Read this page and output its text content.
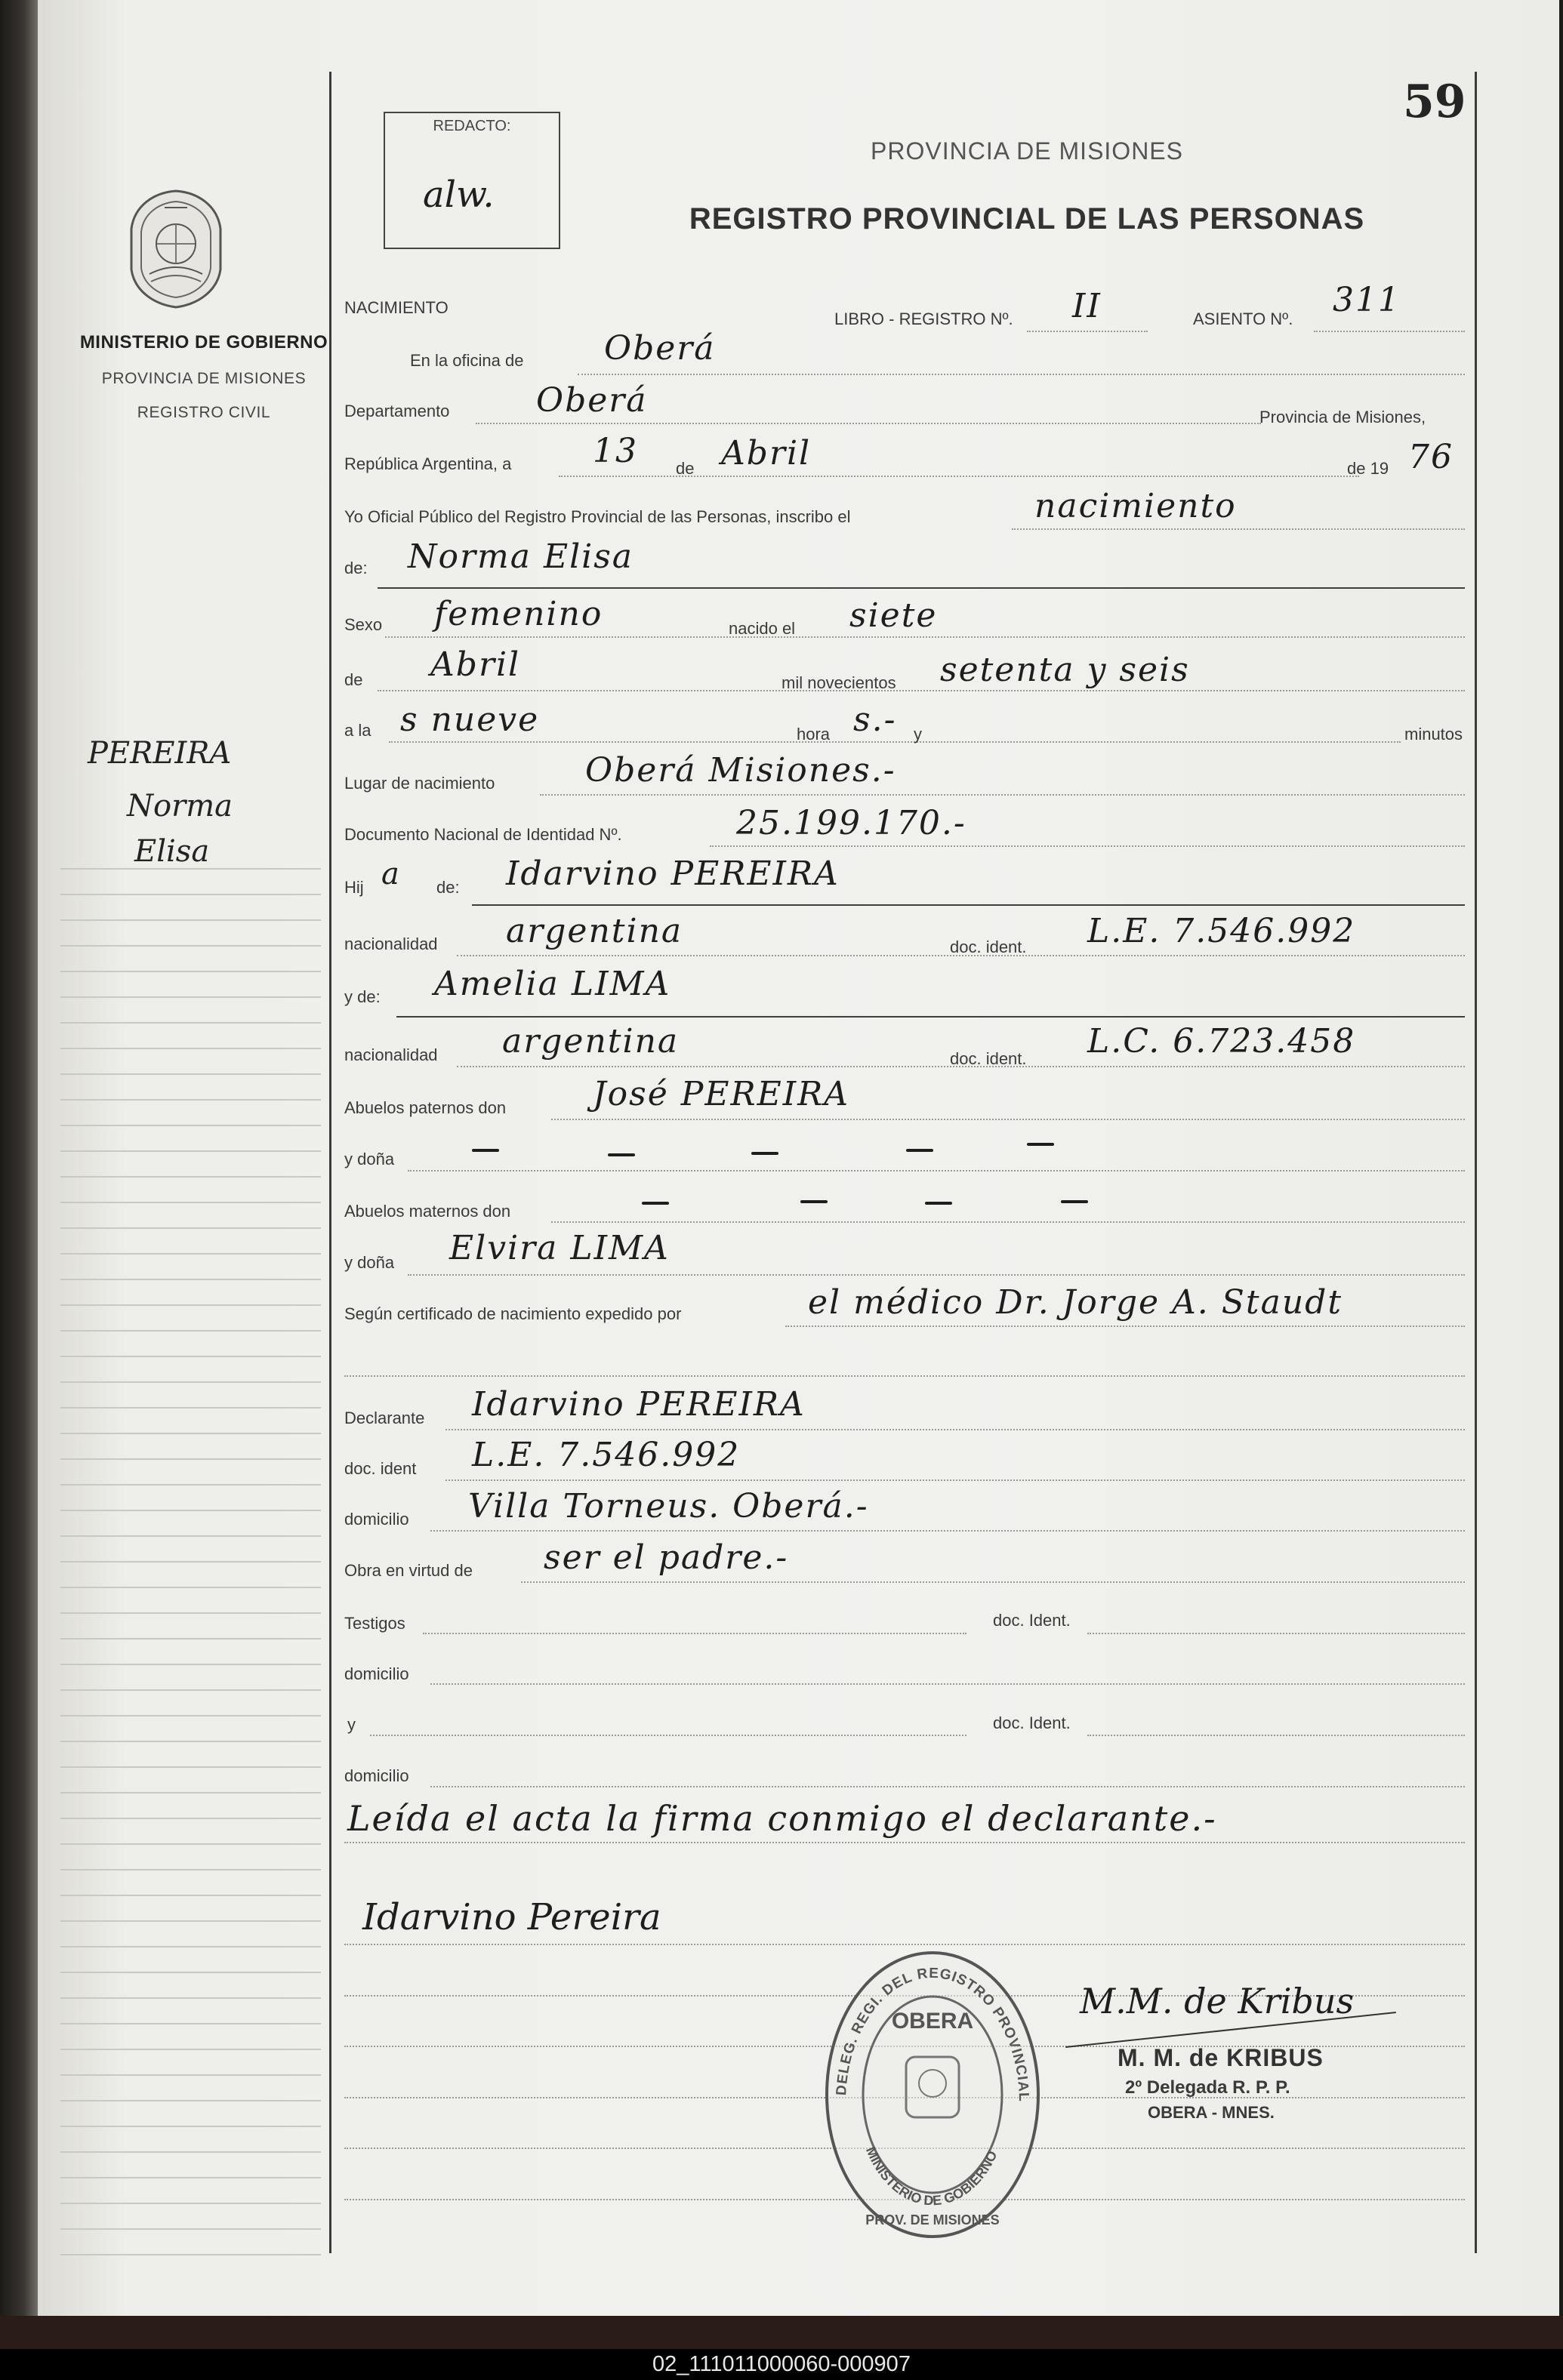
MINISTERIO DE GOBIERNO
PROVINCIA DE MISIONES
REGISTRO CIVIL
PEREIRA
Norma
Elisa
REDACTO:
alw.
59
PROVINCIA DE MISIONES
REGISTRO PROVINCIAL DE LAS PERSONAS
NACIMIENTO
LIBRO - REGISTRO Nº. II	ASIENTO Nº. 311
En la oficina de Oberá
Departamento	Oberá	Provincia de Misiones,
República Argentina, a 13 de Abril	de 19 76
Yo Oficial Público del Registro Provincial de las Personas, inscribo el	nacimiento
de: Norma Elisa
Sexo femenino	nacido el siete
de Abril	mil novecientos setenta y seis
a la s nueve	hora s.- y	minutos
Lugar de nacimiento	Oberá Misiones.-
Documento Nacional de Identidad Nº.	25.199.170.-
Hij a de: Idarvino PEREIRA
nacionalidad argentina	doc. ident. L.E. 7.546.992
y de: Amelia LIMA
nacionalidad argentina	doc. ident. L.C. 6.723.458
Abuelos paternos don	José PEREIRA
y doña
Abuelos maternos don
y doña Elvira LIMA
Según certificado de nacimiento expedido por	el médico Dr. Jorge A. Staudt
Declarante Idarvino PEREIRA
doc. ident L.E. 7.546.992
domicilio Villa Torneus. Oberá.-
Obra en virtud de ser el padre.-
Testigos	doc. Ident.
domicilio
y	doc. Ident.
domicilio
Leída el acta la firma conmigo el declarante.-
Idarvino Pereira
DELEG. REGI. DEL REGISTRO PROVINCIAL
OBERA
MINISTERIO DE GOBIERNO
PROV. DE MISIONES
M.M. de Kribus
M. M. de KRIBUS
2º Delegada R. P. P.
OBERA - MNES.
02_111011000060-000907
